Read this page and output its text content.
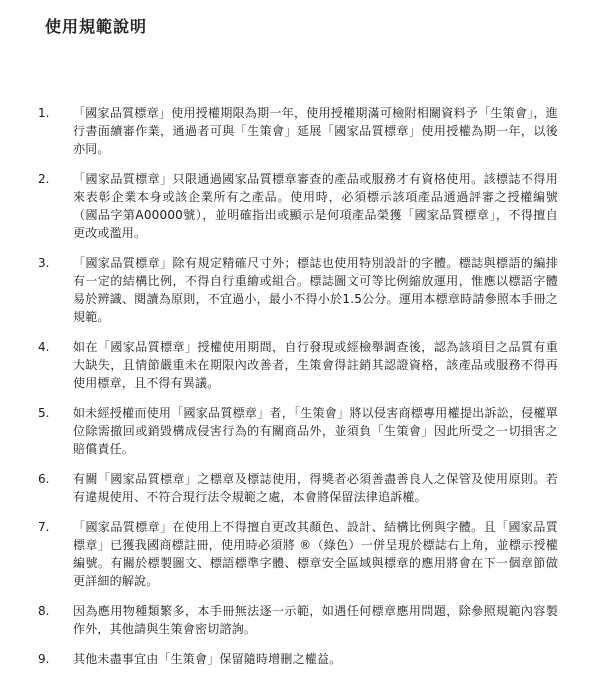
使用規範說明
1.	「國家品質標章」使用授權期限為期一年，使用授權期滿可檢附相關資料予「生策會」，進行書面續審作業，通過者可與「生策會」延展「國家品質標章」使用授權為期一年，以後亦同。
2.	「國家品質標章」只限通過國家品質標章審查的產品或服務才有資格使用。該標誌不得用來表彰企業本身或該企業所有之產品。使用時，必須標示該項產品通過評審之授權編號（國品字第A00000號），並明確指出或顯示是何項產品榮獲「國家品質標章」，不得擅自更改或濫用。
3.	「國家品質標章」除有規定精確尺寸外；標誌也使用特別設計的字體。標誌與標語的編排有一定的結構比例，不得自行重繪或組合。標誌圖文可等比例縮放運用，惟應以標語字體易於辨識、閱讀為原則，不宜過小，最小不得小於1.5公分。運用本標章時請參照本手冊之規範。
4.	如在「國家品質標章」授權使用期間，自行發現或經檢舉調查後，認為該項目之品質有重大缺失，且情節嚴重未在期限內改善者，生策會得註銷其認證資格，該產品或服務不得再使用標章，且不得有異議。
5.	如未經授權而使用「國家品質標章」者，「生策會」將以侵害商標專用權提出訴訟，侵權單位除需撤回或銷毀構成侵害行為的有關商品外，並須負「生策會」因此所受之一切損害之賠償責任。
6.	有關「國家品質標章」之標章及標誌使用，得獎者必須善盡善良人之保管及使用原則。若有違規使用、不符合現行法令規範之處，本會將保留法律追訴權。
7.	「國家品質標章」在使用上不得擅自更改其顏色、設計、結構比例與字體。且「國家品質標章」已獲我國商標註冊，使用時必須將 ®（綠色）一併呈現於標誌右上角，並標示授權編號。有關於標製圖文、標語標準字體、標章安全區域與標章的應用將會在下一個章節做更詳細的解說。
8.	因為應用物種類繁多，本手冊無法逐一示範，如遇任何標章應用問題，除參照規範內容製作外，其他請與生策會密切諮詢。
9.	其他未盡事宜由「生策會」保留隨時增刪之權益。
